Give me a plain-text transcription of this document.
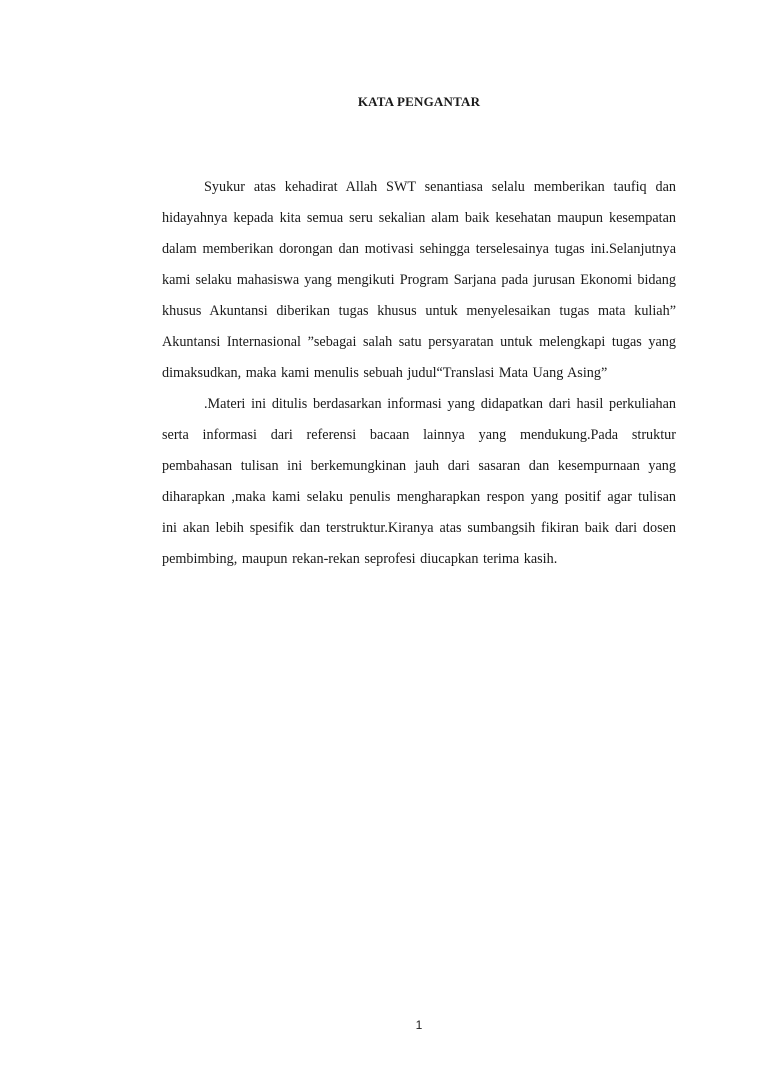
KATA PENGANTAR

Syukur atas kehadirat Allah SWT senantiasa selalu memberikan taufiq dan hidayahnya kepada kita semua seru sekalian alam baik kesehatan maupun kesempatan dalam memberikan dorongan dan motivasi sehingga terselesainya tugas ini.Selanjutnya kami selaku mahasiswa yang mengikuti Program Sarjana pada jurusan Ekonomi bidang khusus Akuntansi diberikan tugas khusus untuk menyelesaikan tugas mata kuliah” Akuntansi Internasional ”sebagai salah satu persyaratan untuk melengkapi tugas yang dimaksudkan, maka kami menulis sebuah judul“Translasi Mata Uang Asing”

.Materi ini ditulis berdasarkan informasi yang didapatkan dari hasil perkuliahan serta informasi dari referensi bacaan lainnya yang mendukung.Pada struktur pembahasan tulisan ini berkemungkinan jauh dari sasaran dan kesempurnaan yang diharapkan ,maka kami selaku penulis mengharapkan respon yang positif agar tulisan ini akan lebih spesifik dan terstruktur.Kiranya atas sumbangsih fikiran baik dari dosen pembimbing, maupun rekan-rekan seprofesi diucapkan terima kasih.

1
